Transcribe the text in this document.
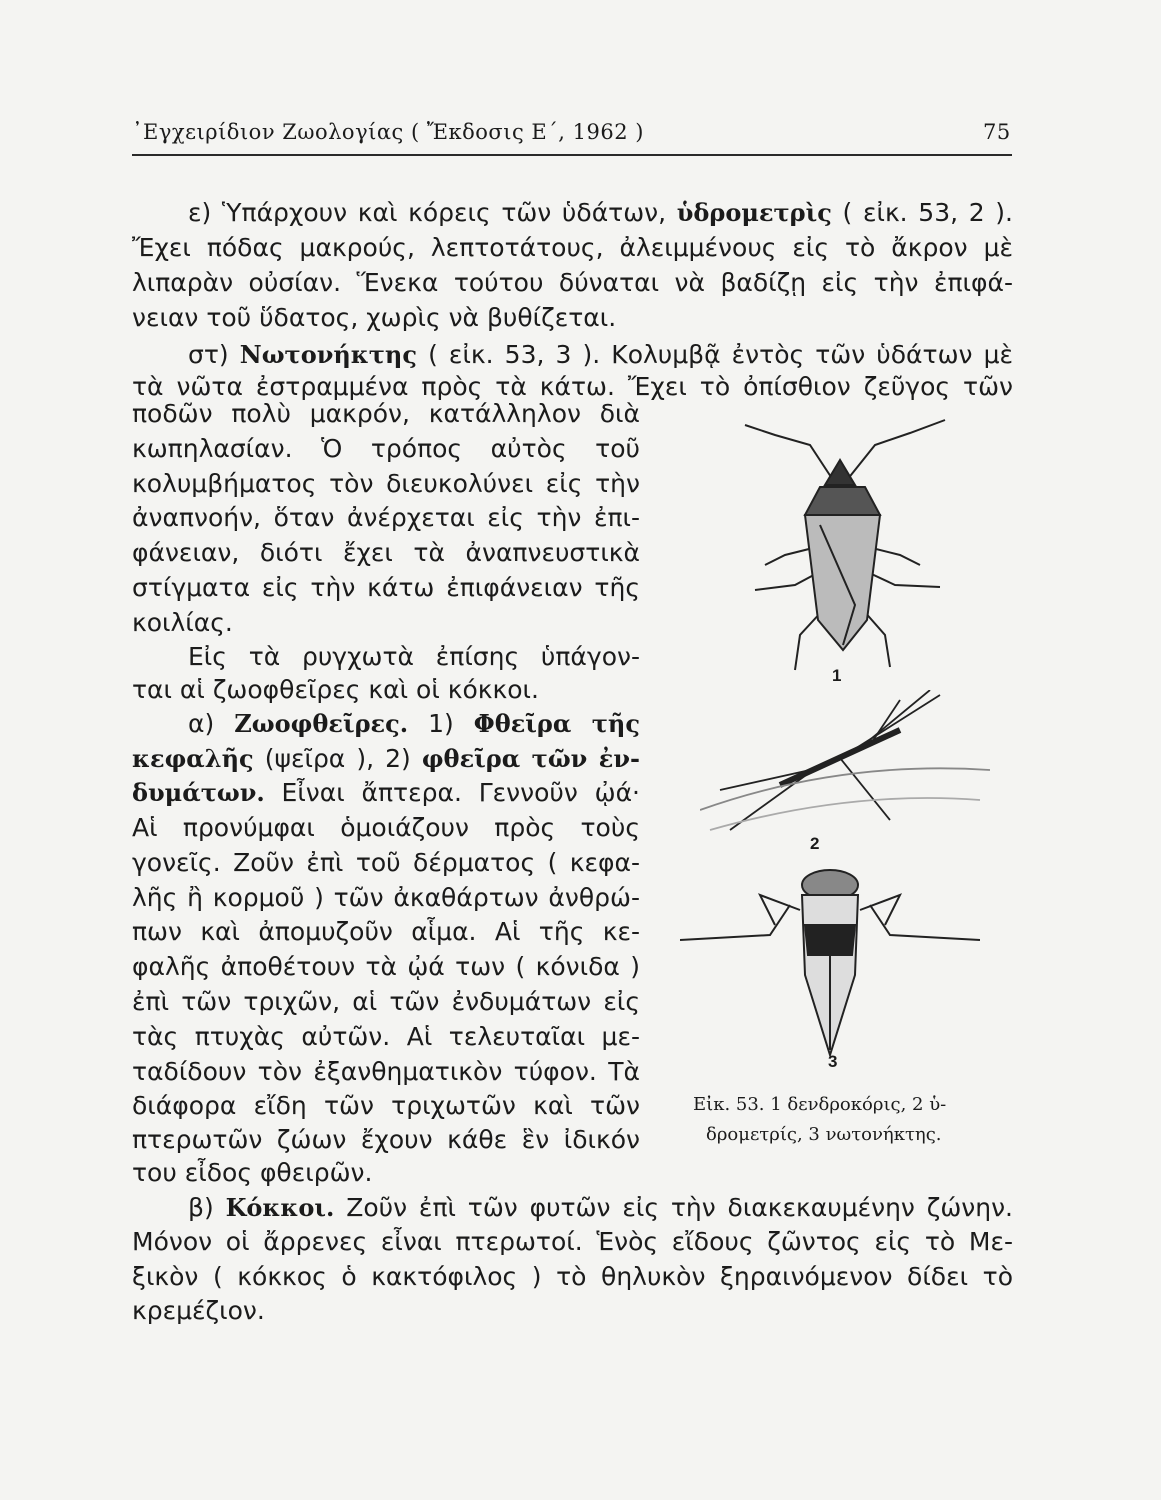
᾿Εγχειρίδιον Ζωολογίας ( Ἔκδοσις Ε΄, 1962 )	75
ε) Ὑπάρχουν καὶ κόρεις τῶν ὑδάτων, ὑδρομετρὶς ( εἰκ. 53, 2 ).
Ἔχει πόδας μακρούς, λεπτοτάτους, ἀλειμμένους εἰς τὸ ἄκρον μὲ
λιπαρὰν οὐσίαν. Ἕνεκα τούτου δύναται νὰ βαδίζῃ εἰς τὴν ἐπιφά-
νειαν τοῦ ὕδατος, χωρὶς νὰ βυθίζεται.
στ) Νωτονήκτης ( εἰκ. 53, 3 ). Κολυμβᾷ ἐντὸς τῶν ὑδάτων μὲ
τὰ νῶτα ἐστραμμένα πρὸς τὰ κάτω. Ἔχει τὸ ὀπίσθιον ζεῦγος τῶν
ποδῶν πολὺ μακρόν, κατάλληλον διὰ
κωπηλασίαν. Ὁ τρόπος αὐτὸς τοῦ
κολυμβήματος τὸν διευκολύνει εἰς τὴν
ἀναπνοήν, ὅταν ἀνέρχεται εἰς τὴν ἐπι-
φάνειαν, διότι ἔχει τὰ ἀναπνευστικὰ
στίγματα εἰς τὴν κάτω ἐπιφάνειαν τῆς
κοιλίας.
Εἰς τὰ ρυγχωτὰ ἐπίσης ὑπάγον-
ται αἱ ζωοφθεῖρες καὶ οἱ κόκκοι.
α) Ζωοφθεῖρες. 1) Φθεῖρα τῆς
κεφαλῆς (ψεῖρα ), 2) φθεῖρα τῶν ἐν-
δυμάτων. Εἶναι ἄπτερα. Γεννοῦν ᾠά·
Αἱ προνύμφαι ὁμοιάζουν πρὸς τοὺς
γονεῖς. Ζοῦν ἐπὶ τοῦ δέρματος ( κεφα-
λῆς ἢ κορμοῦ ) τῶν ἀκαθάρτων ἀνθρώ-
πων καὶ ἀπομυζοῦν αἷμα. Αἱ τῆς κε-
φαλῆς ἀποθέτουν τὰ ᾠά των ( κόνιδα )
ἐπὶ τῶν τριχῶν, αἱ τῶν ἐνδυμάτων εἰς
τὰς πτυχὰς αὐτῶν. Αἱ τελευταῖαι με-
ταδίδουν τὸν ἐξανθηματικὸν τύφον. Τὰ
διάφορα εἴδη τῶν τριχωτῶν καὶ τῶν
πτερωτῶν ζώων ἔχουν κάθε ἓν ἰδικόν
του εἶδος φθειρῶν.
β) Κόκκοι. Ζοῦν ἐπὶ τῶν φυτῶν εἰς τὴν διακεκαυμένην ζώνην.
Μόνον οἱ ἄρρενες εἶναι πτερωτοί. Ἑνὸς εἴδους ζῶντος εἰς τὸ Με-
ξικὸν ( κόκκος ὁ κακτόφιλος ) τὸ θηλυκὸν ξηραινόμενον δίδει τὸ
κρεμέζιον.
1
2
3
Εἰκ. 53. 1 δενδροκόρις, 2 ὑ-
δρομετρίς, 3 νωτονήκτης.
